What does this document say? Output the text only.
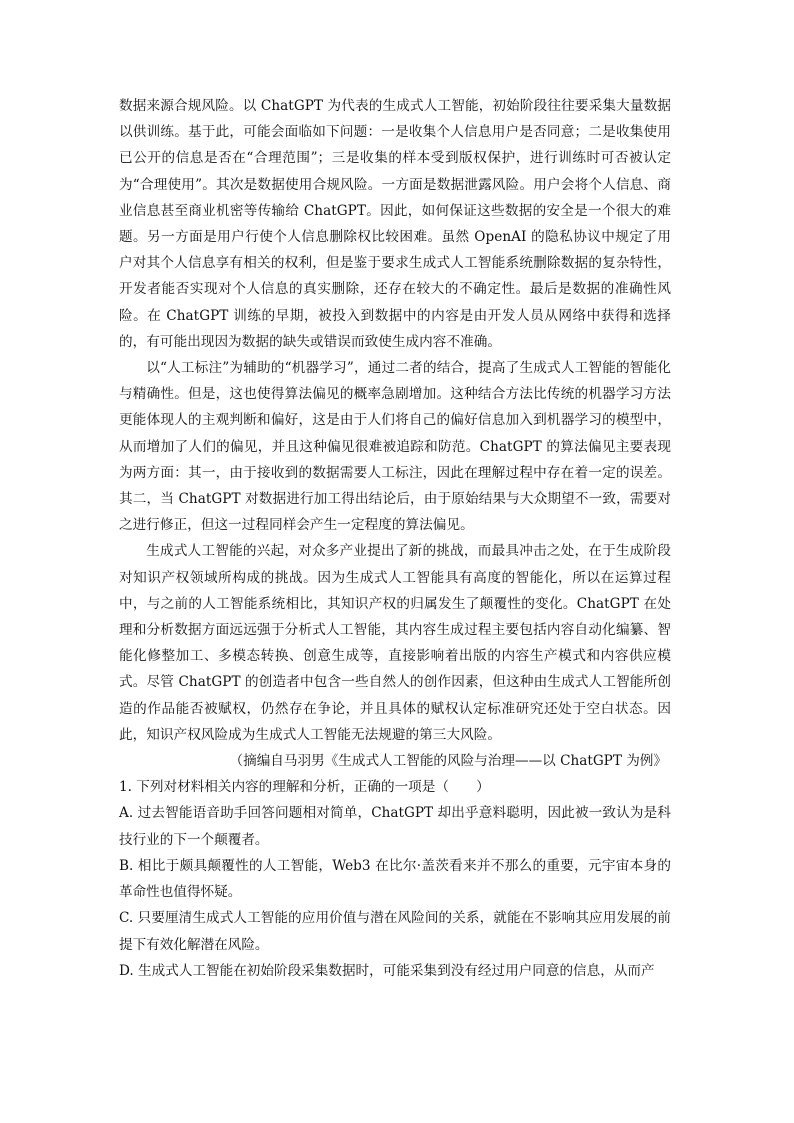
数据来源合规风险。以 ChatGPT 为代表的生成式人工智能，初始阶段往往要采集大量数据以供训练。基于此，可能会面临如下问题：一是收集个人信息用户是否同意；二是收集使用已公开的信息是否在“合理范围”；三是收集的样本受到版权保护，进行训练时可否被认定为“合理使用”。其次是数据使用合规风险。一方面是数据泄露风险。用户会将个人信息、商业信息甚至商业机密等传输给 ChatGPT。因此，如何保证这些数据的安全是一个很大的难题。另一方面是用户行使个人信息删除权比较困难。虽然 OpenAI 的隐私协议中规定了用户对其个人信息享有相关的权利，但是鉴于要求生成式人工智能系统删除数据的复杂特性，开发者能否实现对个人信息的真实删除，还存在较大的不确定性。最后是数据的准确性风险。在 ChatGPT 训练的早期，被投入到数据中的内容是由开发人员从网络中获得和选择的，有可能出现因为数据的缺失或错误而致使生成内容不准确。

以“人工标注”为辅助的“机器学习”，通过二者的结合，提高了生成式人工智能的智能化与精确性。但是，这也使得算法偏见的概率急剧增加。这种结合方法比传统的机器学习方法更能体现人的主观判断和偏好，这是由于人们将自己的偏好信息加入到机器学习的模型中，从而增加了人们的偏见，并且这种偏见很难被追踪和防范。ChatGPT 的算法偏见主要表现为两方面：其一，由于接收到的数据需要人工标注，因此在理解过程中存在着一定的误差。其二，当 ChatGPT 对数据进行加工得出结论后，由于原始结果与大众期望不一致，需要对之进行修正，但这一过程同样会产生一定程度的算法偏见。

生成式人工智能的兴起，对众多产业提出了新的挑战，而最具冲击之处，在于生成阶段对知识产权领域所构成的挑战。因为生成式人工智能具有高度的智能化，所以在运算过程中，与之前的人工智能系统相比，其知识产权的归属发生了颠覆性的变化。ChatGPT 在处理和分析数据方面远远强于分析式人工智能，其内容生成过程主要包括内容自动化编纂、智能化修整加工、多模态转换、创意生成等，直接影响着出版的内容生产模式和内容供应模式。尽管 ChatGPT 的创造者中包含一些自然人的创作因素，但这种由生成式人工智能所创造的作品能否被赋权，仍然存在争论，并且具体的赋权认定标准研究还处于空白状态。因此，知识产权风险成为生成式人工智能无法规避的第三大风险。

（摘编自马羽男《生成式人工智能的风险与治理——以 ChatGPT 为例》

1. 下列对材料相关内容的理解和分析，正确的一项是（　　）

A. 过去智能语音助手回答问题相对简单，ChatGPT 却出乎意料聪明，因此被一致认为是科技行业的下一个颠覆者。

B. 相比于颇具颠覆性的人工智能，Web3 在比尔·盖茨看来并不那么的重要，元宇宙本身的革命性也值得怀疑。

C. 只要厘清生成式人工智能的应用价值与潜在风险间的关系，就能在不影响其应用发展的前提下有效化解潜在风险。

D. 生成式人工智能在初始阶段采集数据时，可能采集到没有经过用户同意的信息，从而产
